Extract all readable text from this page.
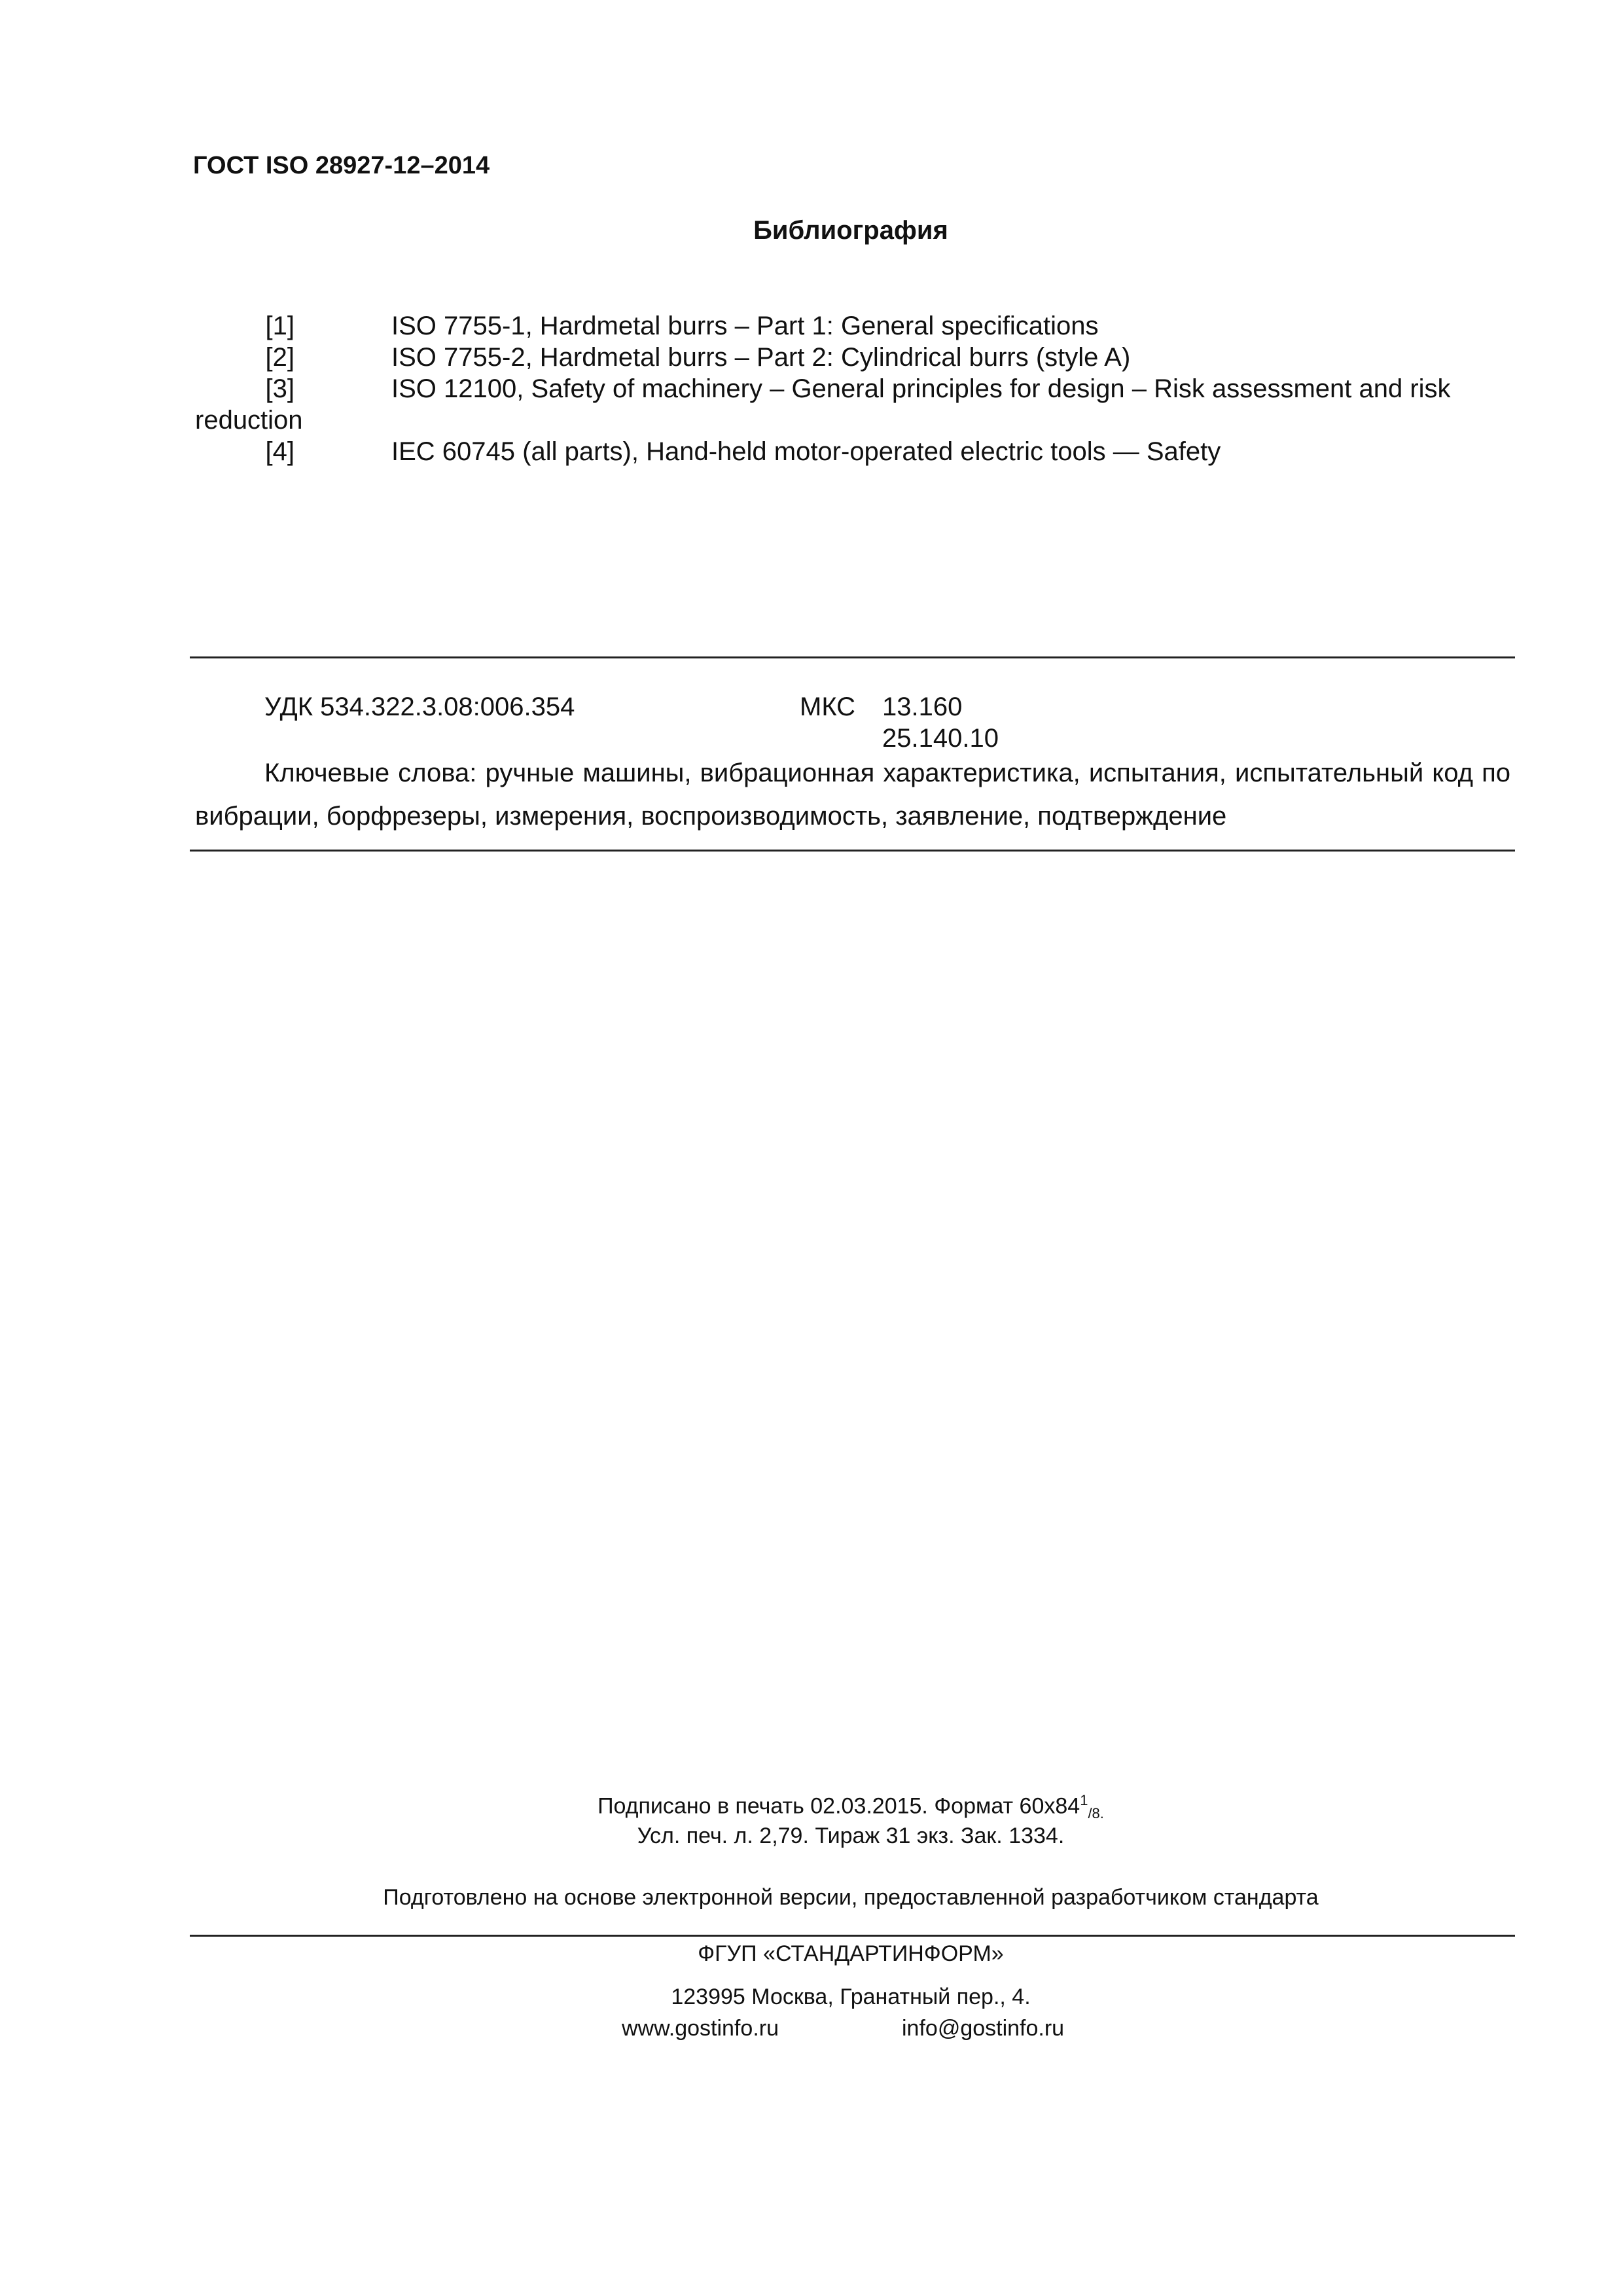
ГОСТ ISO 28927-12–2014
Библиография
[1]	ISO 7755-1, Hardmetal burrs – Part 1: General specifications
[2]	ISO 7755-2, Hardmetal burrs – Part 2: Cylindrical burrs (style A)
[3]	ISO 12100, Safety of machinery – General principles for design – Risk assessment and risk
reduction
[4]	IEC 60745 (all parts), Hand-held motor-operated electric tools — Safety
УДК 534.322.3.08:006.354	МКС 13.160
25.140.10
Ключевые слова: ручные машины, вибрационная характеристика, испытания, испытательный код по вибрации, борфрезеры, измерения, воспроизводимость, заявление, подтверждение
Подписано в печать 02.03.2015. Формат $60х84^1_{/8.}$
Усл. печ. л. 2,79. Тираж 31 экз. Зак. 1334.
Подготовлено на основе электронной версии, предоставленной разработчиком стандарта
ФГУП «СТАНДАРТИНФОРМ»
123995 Москва, Гранатный пер., 4.
www.gostinfo.ru	info@gostinfo.ru
